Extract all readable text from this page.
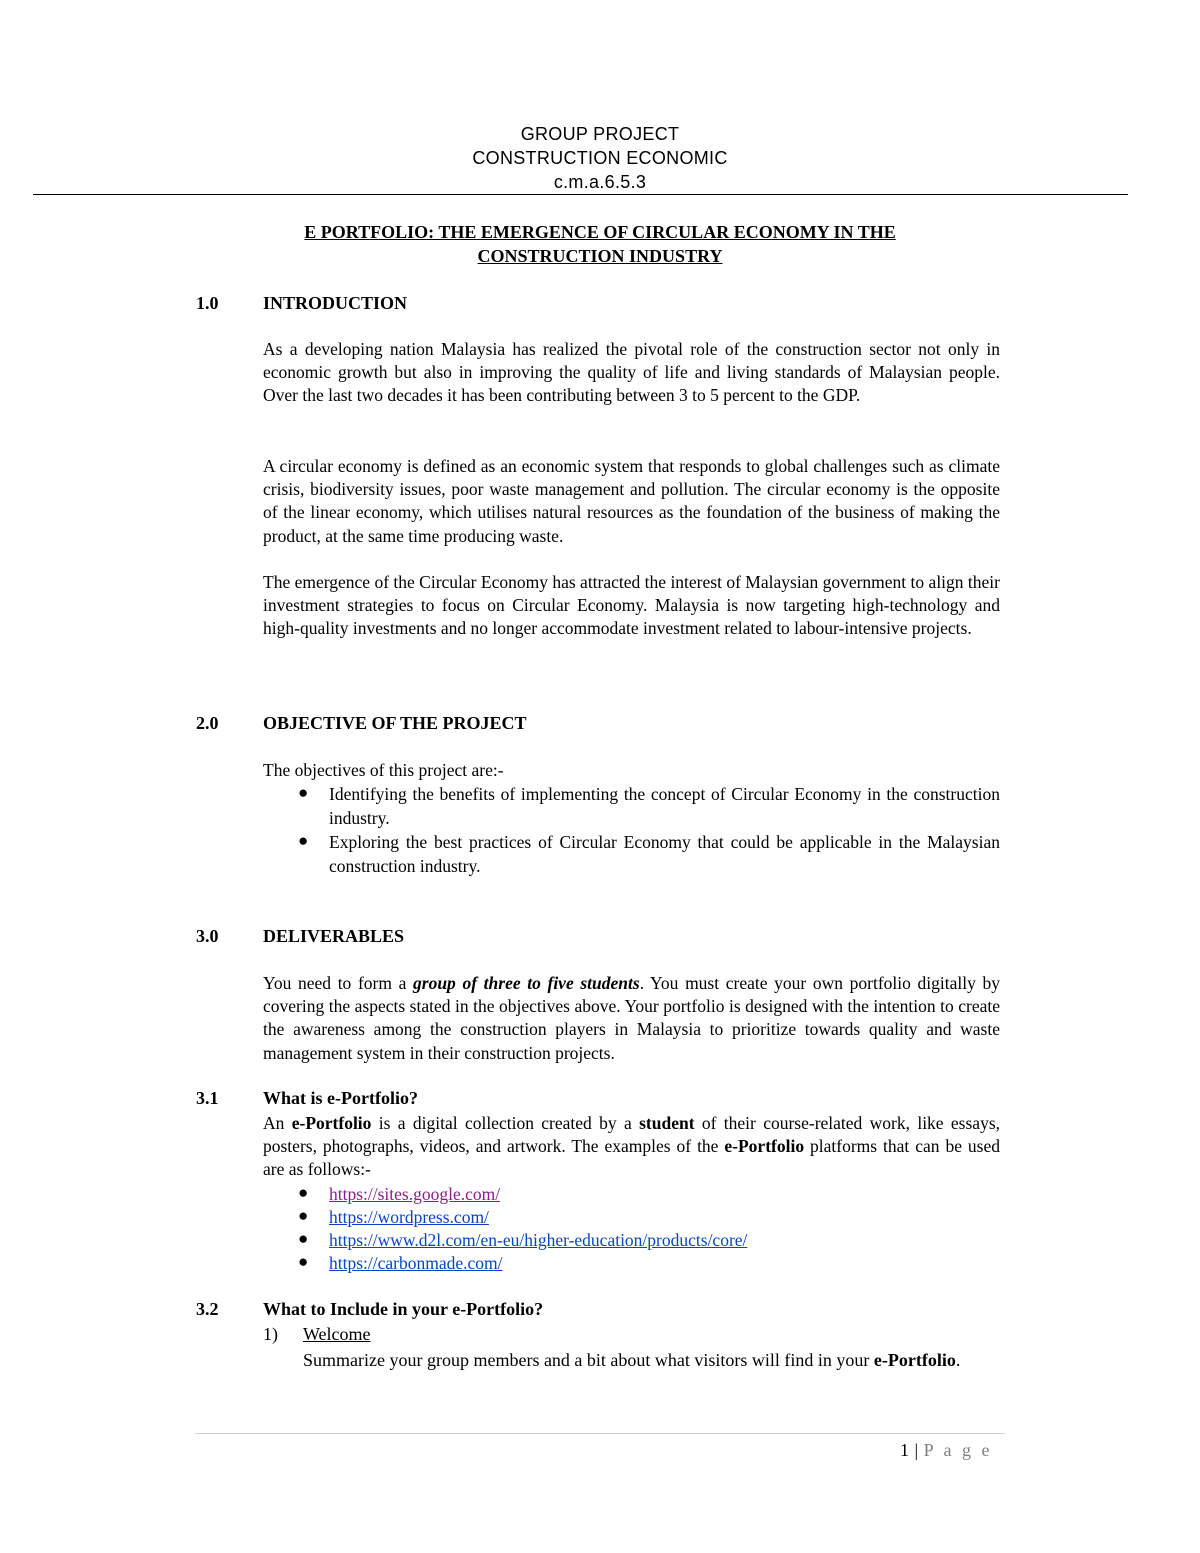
GROUP PROJECT
CONSTRUCTION ECONOMIC
c.m.a.6.5.3
E PORTFOLIO: THE EMERGENCE OF CIRCULAR ECONOMY IN THE
CONSTRUCTION INDUSTRY
1.0 INTRODUCTION
As a developing nation Malaysia has realized the pivotal role of the construction sector not only in economic growth but also in improving the quality of life and living standards of Malaysian people. Over the last two decades it has been contributing between 3 to 5 percent to the GDP.
A circular economy is defined as an economic system that responds to global challenges such as climate crisis, biodiversity issues, poor waste management and pollution. The circular economy is the opposite of the linear economy, which utilises natural resources as the foundation of the business of making the product, at the same time producing waste.
The emergence of the Circular Economy has attracted the interest of Malaysian government to align their investment strategies to focus on Circular Economy. Malaysia is now targeting high-technology and high-quality investments and no longer accommodate investment related to labour-intensive projects.
2.0 OBJECTIVE OF THE PROJECT
The objectives of this project are:-
● Identifying the benefits of implementing the concept of Circular Economy in the construction industry.
● Exploring the best practices of Circular Economy that could be applicable in the Malaysian construction industry.
3.0 DELIVERABLES
You need to form a group of three to five students. You must create your own portfolio digitally by covering the aspects stated in the objectives above. Your portfolio is designed with the intention to create the awareness among the construction players in Malaysia to prioritize towards quality and waste management system in their construction projects.
3.1 What is e-Portfolio?
An e-Portfolio is a digital collection created by a student of their course-related work, like essays, posters, photographs, videos, and artwork. The examples of the e-Portfolio platforms that can be used are as follows:-
● https://sites.google.com/
● https://wordpress.com/
● https://www.d2l.com/en-eu/higher-education/products/core/
● https://carbonmade.com/
3.2 What to Include in your e-Portfolio?
1) Welcome
Summarize your group members and a bit about what visitors will find in your e-Portfolio.
1 | P a g e
